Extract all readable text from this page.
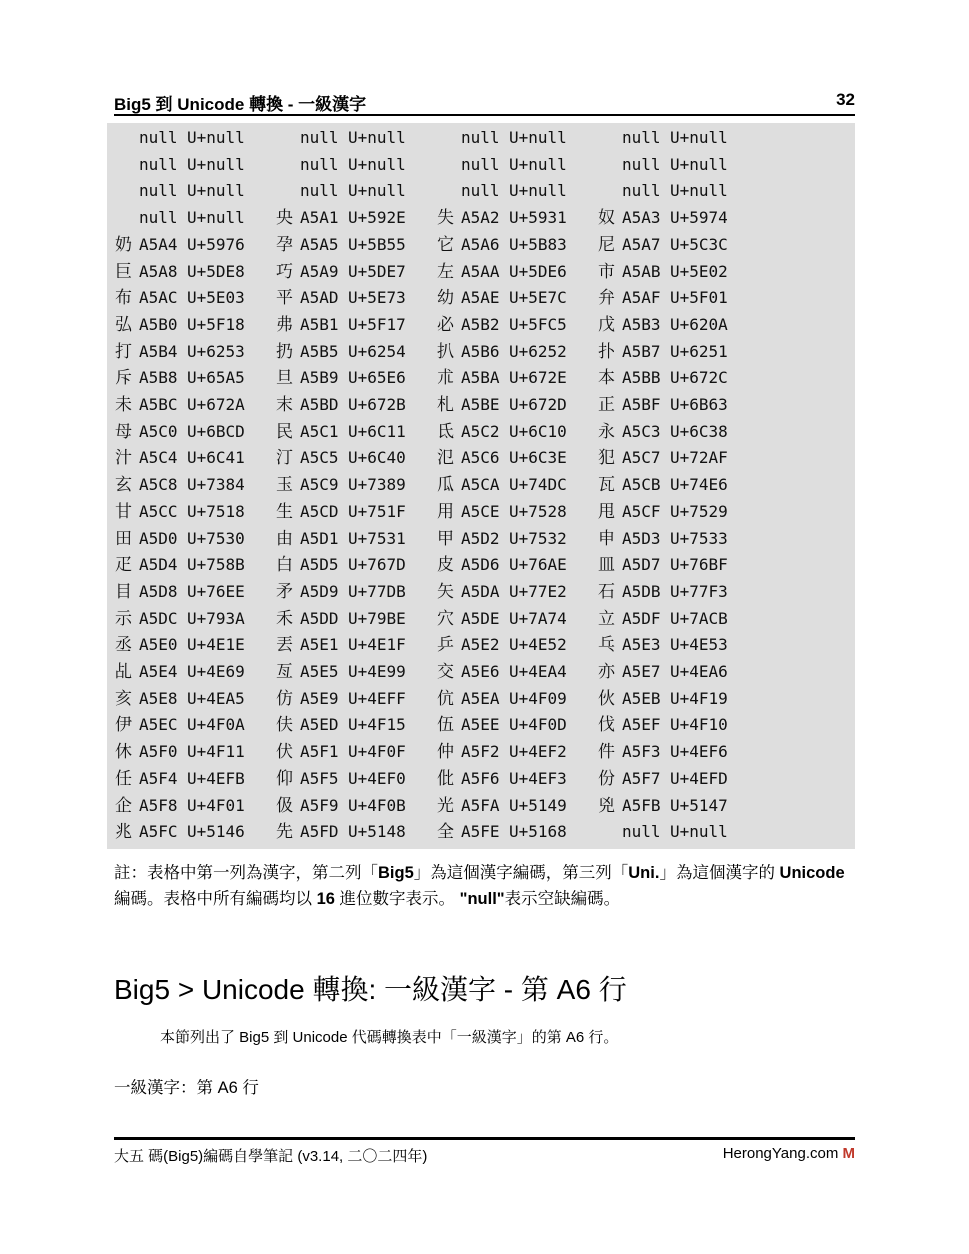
Big5 到 Unicode 轉換 - 一級漢字	32
null U+null	null U+null	null U+null	null U+null
null U+null	null U+null	null U+null	null U+null
null U+null	null U+null	null U+null	null U+null
null U+null 央 A5A1 U+592E 失 A5A2 U+5931 奴 A5A3 U+5974
奶 A5A4 U+5976 孕 A5A5 U+5B55 它 A5A6 U+5B83 尼 A5A7 U+5C3C
巨 A5A8 U+5DE8 巧 A5A9 U+5DE7 左 A5AA U+5DE6 市 A5AB U+5E02
布 A5AC U+5E03 平 A5AD U+5E73 幼 A5AE U+5E7C 弁 A5AF U+5F01
弘 A5B0 U+5F18 弗 A5B1 U+5F17 必 A5B2 U+5FC5 戊 A5B3 U+620A
打 A5B4 U+6253 扔 A5B5 U+6254 扒 A5B6 U+6252 扑 A5B7 U+6251
斥 A5B8 U+65A5 旦 A5B9 U+65E6 朮 A5BA U+672E 本 A5BB U+672C
未 A5BC U+672A 末 A5BD U+672B 札 A5BE U+672D 正 A5BF U+6B63
母 A5C0 U+6BCD 民 A5C1 U+6C11 氐 A5C2 U+6C10 永 A5C3 U+6C38
汁 A5C4 U+6C41 汀 A5C5 U+6C40 氾 A5C6 U+6C3E 犯 A5C7 U+72AF
玄 A5C8 U+7384 玉 A5C9 U+7389 瓜 A5CA U+74DC 瓦 A5CB U+74E6
甘 A5CC U+7518 生 A5CD U+751F 用 A5CE U+7528 甩 A5CF U+7529
田 A5D0 U+7530 由 A5D1 U+7531 甲 A5D2 U+7532 申 A5D3 U+7533
疋 A5D4 U+758B 白 A5D5 U+767D 皮 A5D6 U+76AE 皿 A5D7 U+76BF
目 A5D8 U+76EE 矛 A5D9 U+77DB 矢 A5DA U+77E2 石 A5DB U+77F3
示 A5DC U+793A 禾 A5DD U+79BE 穴 A5DE U+7A74 立 A5DF U+7ACB
丞 A5E0 U+4E1E 丟 A5E1 U+4E1F 乒 A5E2 U+4E52 乓 A5E3 U+4E53
乩 A5E4 U+4E69 亙 A5E5 U+4E99 交 A5E6 U+4EA4 亦 A5E7 U+4EA6
亥 A5E8 U+4EA5 仿 A5E9 U+4EFF 伉 A5EA U+4F09 伙 A5EB U+4F19
伊 A5EC U+4F0A 伕 A5ED U+4F15 伍 A5EE U+4F0D 伐 A5EF U+4F10
休 A5F0 U+4F11 伏 A5F1 U+4F0F 仲 A5F2 U+4EF2 件 A5F3 U+4EF6
任 A5F4 U+4EFB 仰 A5F5 U+4EF0 仳 A5F6 U+4EF3 份 A5F7 U+4EFD
企 A5F8 U+4F01 伋 A5F9 U+4F0B 光 A5FA U+5149 兇 A5FB U+5147
兆 A5FC U+5146 先 A5FD U+5148 全 A5FE U+5168	null U+null
註：表格中第一列為漢字，第二列「Big5」為這個漢字編碼，第三列「Uni.」為這個漢字的 Unicode 編碼。表格中所有編碼均以 16 進位數字表示。 "null"表示空缺編碼。
Big5 > Unicode 轉換: 一級漢字 - 第 A6 行
本節列出了 Big5 到 Unicode 代碼轉換表中「一級漢字」的第 A6 行。
一級漢字：第 A6 行
大五 碼(Big5)編碼自學筆記 (v3.14, 二〇二四年)	HerongYang.com M
